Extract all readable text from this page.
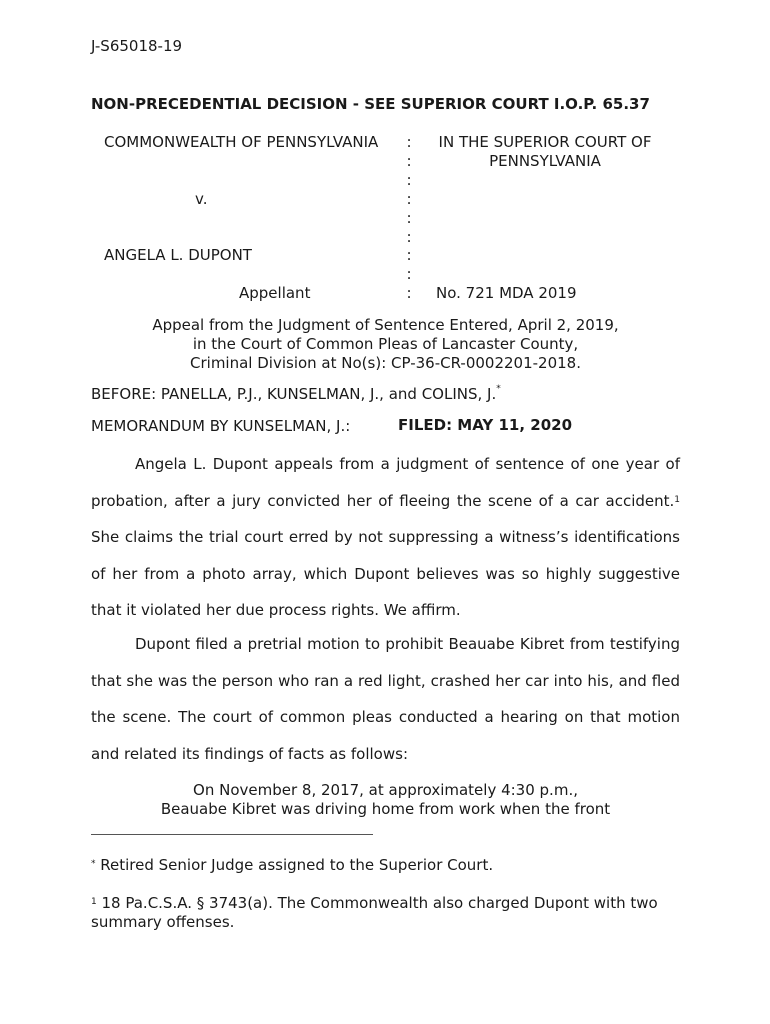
J-S65018-19
NON-PRECEDENTIAL DECISION - SEE SUPERIOR COURT I.O.P. 65.37
COMMONWEALTH OF PENNSYLVANIA
v.
ANGELA L. DUPONT
Appellant
:
:
:
:
:
:
:
:
:
IN THE SUPERIOR COURT OF
PENNSYLVANIA
No. 721 MDA 2019
Appeal from the Judgment of Sentence Entered, April 2, 2019,
in the Court of Common Pleas of Lancaster County,
Criminal Division at No(s): CP-36-CR-0002201-2018.
BEFORE: PANELLA, P.J., KUNSELMAN, J., and COLINS, J.*
MEMORANDUM BY KUNSELMAN, J.:	FILED: MAY 11, 2020
Angela L. Dupont appeals from a judgment of sentence of one year of probation, after a jury convicted her of fleeing the scene of a car accident.$^1$ She claims the trial court erred by not suppressing a witness’s identifications of her from a photo array, which Dupont believes was so highly suggestive that it violated her due process rights. We affirm.
Dupont filed a pretrial motion to prohibit Beauabe Kibret from testifying that she was the person who ran a red light, crashed her car into his, and fled the scene. The court of common pleas conducted a hearing on that motion and related its findings of facts as follows:
On November 8, 2017, at approximately 4:30 p.m.,
Beauabe Kibret was driving home from work when the front
* Retired Senior Judge assigned to the Superior Court.
$^1$ 18 Pa.C.S.A. § 3743(a). The Commonwealth also charged Dupont with two summary offenses.
